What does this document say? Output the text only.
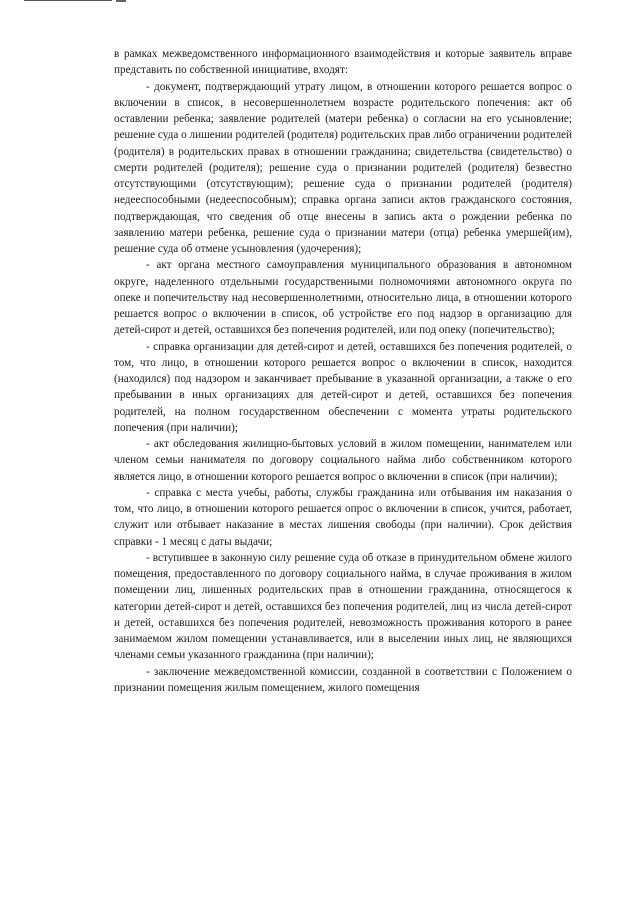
в рамках межведомственного информационного взаимодействия и которые заявитель вправе представить по собственной инициативе, входят:

- документ, подтверждающий утрату лицом, в отношении которого решается вопрос о включении в список, в несовершеннолетнем возрасте родительского попечения: акт об оставлении ребенка; заявление родителей (матери ребенка) о согласии на его усыновление; решение суда о лишении родителей (родителя) родительских прав либо ограничении родителей (родителя) в родительских правах в отношении гражданина; свидетельства (свидетельство) о смерти родителей (родителя); решение суда о признании родителей (родителя) безвестно отсутствующими (отсутствующим); решение суда о признании родителей (родителя) недееспособными (недееспособным); справка органа записи актов гражданского состояния, подтверждающая, что сведения об отце внесены в запись акта о рождении ребенка по заявлению матери ребенка, решение суда о признании матери (отца) ребенка умершей(им), решение суда об отмене усыновления (удочерения);

- акт органа местного самоуправления муниципального образования в автономном округе, наделенного отдельными государственными полномочиями автономного округа по опеке и попечительству над несовершеннолетними, относительно лица, в отношении которого решается вопрос о включении в список, об устройстве его под надзор в организацию для детей-сирот и детей, оставшихся без попечения родителей, или под опеку (попечительство);

- справка организации для детей-сирот и детей, оставшихся без попечения родителей, о том, что лицо, в отношении которого решается вопрос о включении в список, находится (находился) под надзором и заканчивает пребывание в указанной организации, а также о его пребывании в иных организациях для детей-сирот и детей, оставшихся без попечения родителей, на полном государственном обеспечении с момента утраты родительского попечения (при наличии);

- акт обследования жилищно-бытовых условий в жилом помещении, нанимателем или членом семьи нанимателя по договору социального найма либо собственником которого является лицо, в отношении которого решается вопрос о включении в список (при наличии);

- справка с места учебы, работы, службы гражданина или отбывания им наказания о том, что лицо, в отношении которого решается опрос о включении в список, учится, работает, служит или отбывает наказание в местах лишения свободы (при наличии). Срок действия справки - 1 месяц с даты выдачи;

- вступившее в законную силу решение суда об отказе в принудительном обмене жилого помещения, предоставленного по договору социального найма, в случае проживания в жилом помещении лиц, лишенных родительских прав в отношении гражданина, относящегося к категории детей-сирот и детей, оставшихся без попечения родителей, лиц из числа детей-сирот и детей, оставшихся без попечения родителей, невозможность проживания которого в ранее занимаемом жилом помещении устанавливается, или в выселении иных лиц, не являющихся членами семьи указанного гражданина (при наличии);

- заключение межведомственной комиссии, созданной в соответствии с Положением о признании помещения жилым помещением, жилого помещения
